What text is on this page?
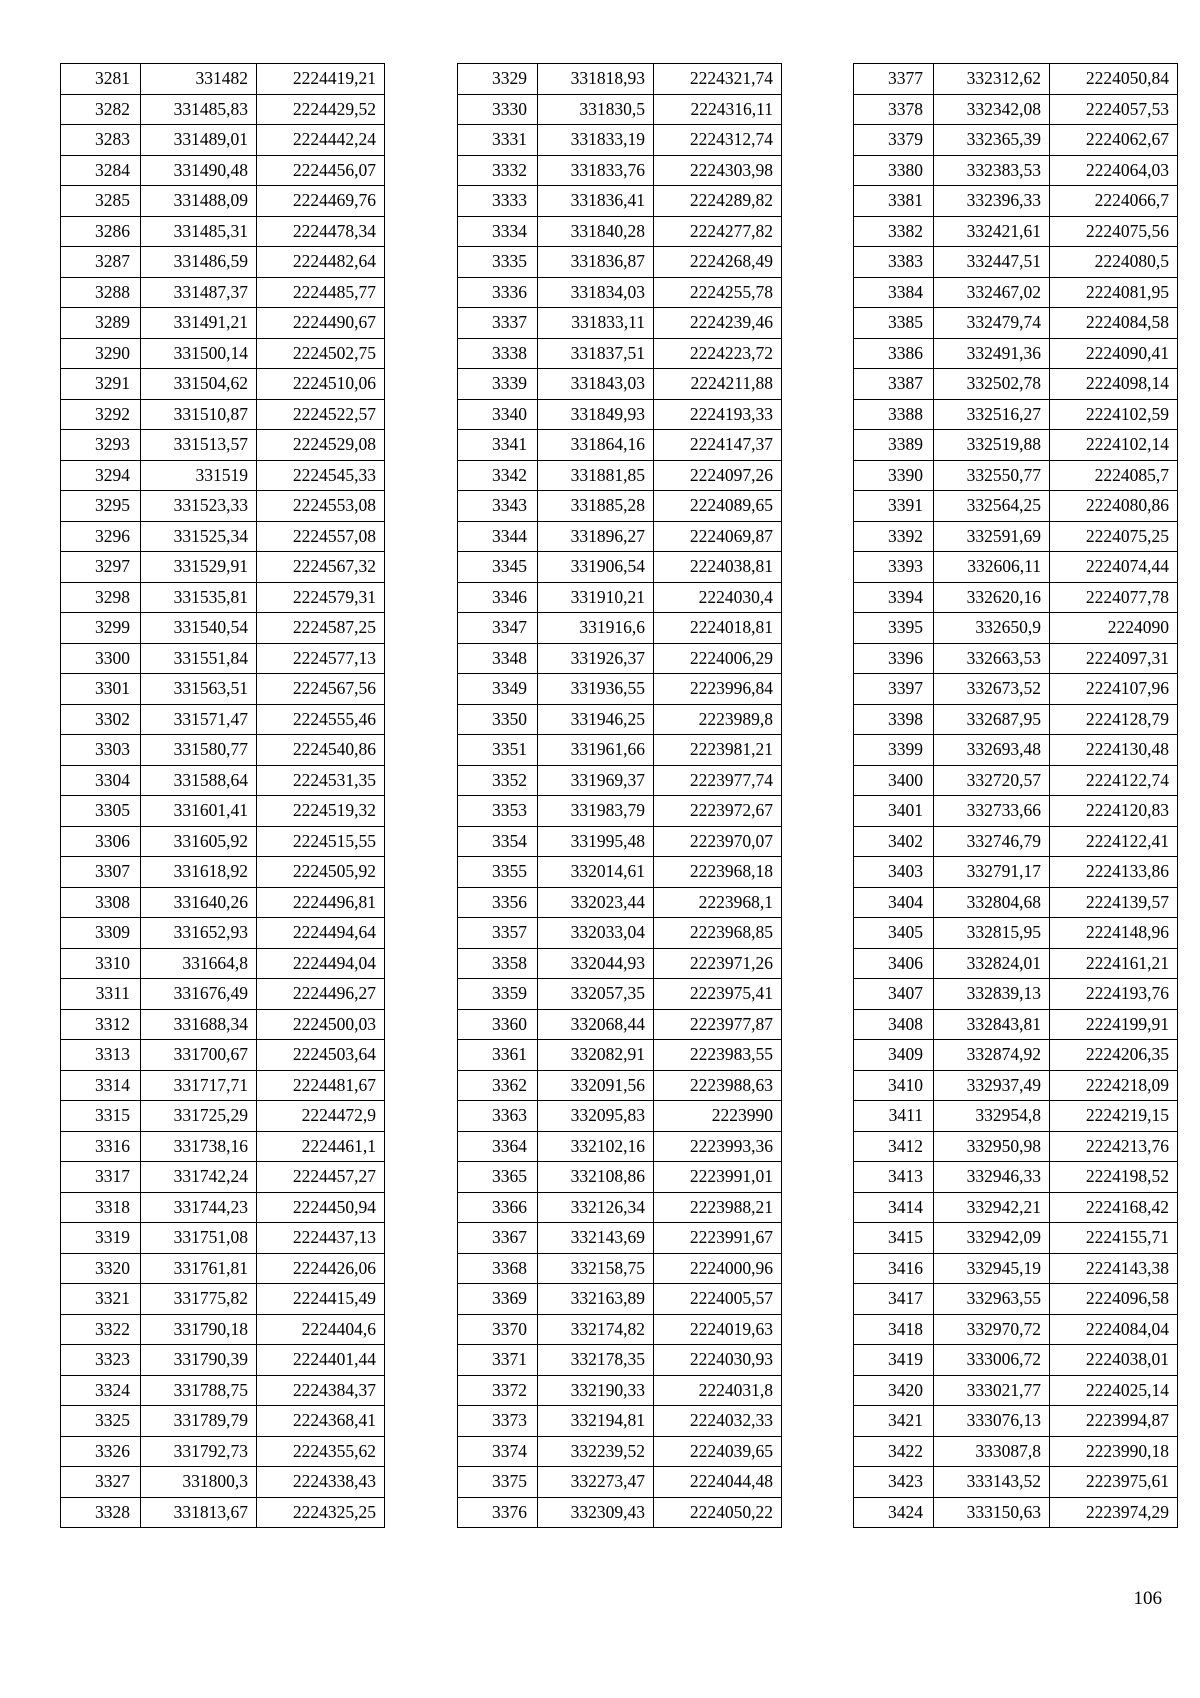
3281	331482	2224419,21
3282	331485,83	2224429,52
3283	331489,01	2224442,24
3284	331490,48	2224456,07
3285	331488,09	2224469,76
3286	331485,31	2224478,34
3287	331486,59	2224482,64
3288	331487,37	2224485,77
3289	331491,21	2224490,67
3290	331500,14	2224502,75
3291	331504,62	2224510,06
3292	331510,87	2224522,57
3293	331513,57	2224529,08
3294	331519	2224545,33
3295	331523,33	2224553,08
3296	331525,34	2224557,08
3297	331529,91	2224567,32
3298	331535,81	2224579,31
3299	331540,54	2224587,25
3300	331551,84	2224577,13
3301	331563,51	2224567,56
3302	331571,47	2224555,46
3303	331580,77	2224540,86
3304	331588,64	2224531,35
3305	331601,41	2224519,32
3306	331605,92	2224515,55
3307	331618,92	2224505,92
3308	331640,26	2224496,81
3309	331652,93	2224494,64
3310	331664,8	2224494,04
3311	331676,49	2224496,27
3312	331688,34	2224500,03
3313	331700,67	2224503,64
3314	331717,71	2224481,67
3315	331725,29	2224472,9
3316	331738,16	2224461,1
3317	331742,24	2224457,27
3318	331744,23	2224450,94
3319	331751,08	2224437,13
3320	331761,81	2224426,06
3321	331775,82	2224415,49
3322	331790,18	2224404,6
3323	331790,39	2224401,44
3324	331788,75	2224384,37
3325	331789,79	2224368,41
3326	331792,73	2224355,62
3327	331800,3	2224338,43
3328	331813,67	2224325,25
3329	331818,93	2224321,74
3330	331830,5	2224316,11
3331	331833,19	2224312,74
3332	331833,76	2224303,98
3333	331836,41	2224289,82
3334	331840,28	2224277,82
3335	331836,87	2224268,49
3336	331834,03	2224255,78
3337	331833,11	2224239,46
3338	331837,51	2224223,72
3339	331843,03	2224211,88
3340	331849,93	2224193,33
3341	331864,16	2224147,37
3342	331881,85	2224097,26
3343	331885,28	2224089,65
3344	331896,27	2224069,87
3345	331906,54	2224038,81
3346	331910,21	2224030,4
3347	331916,6	2224018,81
3348	331926,37	2224006,29
3349	331936,55	2223996,84
3350	331946,25	2223989,8
3351	331961,66	2223981,21
3352	331969,37	2223977,74
3353	331983,79	2223972,67
3354	331995,48	2223970,07
3355	332014,61	2223968,18
3356	332023,44	2223968,1
3357	332033,04	2223968,85
3358	332044,93	2223971,26
3359	332057,35	2223975,41
3360	332068,44	2223977,87
3361	332082,91	2223983,55
3362	332091,56	2223988,63
3363	332095,83	2223990
3364	332102,16	2223993,36
3365	332108,86	2223991,01
3366	332126,34	2223988,21
3367	332143,69	2223991,67
3368	332158,75	2224000,96
3369	332163,89	2224005,57
3370	332174,82	2224019,63
3371	332178,35	2224030,93
3372	332190,33	2224031,8
3373	332194,81	2224032,33
3374	332239,52	2224039,65
3375	332273,47	2224044,48
3376	332309,43	2224050,22
3377	332312,62	2224050,84
3378	332342,08	2224057,53
3379	332365,39	2224062,67
3380	332383,53	2224064,03
3381	332396,33	2224066,7
3382	332421,61	2224075,56
3383	332447,51	2224080,5
3384	332467,02	2224081,95
3385	332479,74	2224084,58
3386	332491,36	2224090,41
3387	332502,78	2224098,14
3388	332516,27	2224102,59
3389	332519,88	2224102,14
3390	332550,77	2224085,7
3391	332564,25	2224080,86
3392	332591,69	2224075,25
3393	332606,11	2224074,44
3394	332620,16	2224077,78
3395	332650,9	2224090
3396	332663,53	2224097,31
3397	332673,52	2224107,96
3398	332687,95	2224128,79
3399	332693,48	2224130,48
3400	332720,57	2224122,74
3401	332733,66	2224120,83
3402	332746,79	2224122,41
3403	332791,17	2224133,86
3404	332804,68	2224139,57
3405	332815,95	2224148,96
3406	332824,01	2224161,21
3407	332839,13	2224193,76
3408	332843,81	2224199,91
3409	332874,92	2224206,35
3410	332937,49	2224218,09
3411	332954,8	2224219,15
3412	332950,98	2224213,76
3413	332946,33	2224198,52
3414	332942,21	2224168,42
3415	332942,09	2224155,71
3416	332945,19	2224143,38
3417	332963,55	2224096,58
3418	332970,72	2224084,04
3419	333006,72	2224038,01
3420	333021,77	2224025,14
3421	333076,13	2223994,87
3422	333087,8	2223990,18
3423	333143,52	2223975,61
3424	333150,63	2223974,29
106
